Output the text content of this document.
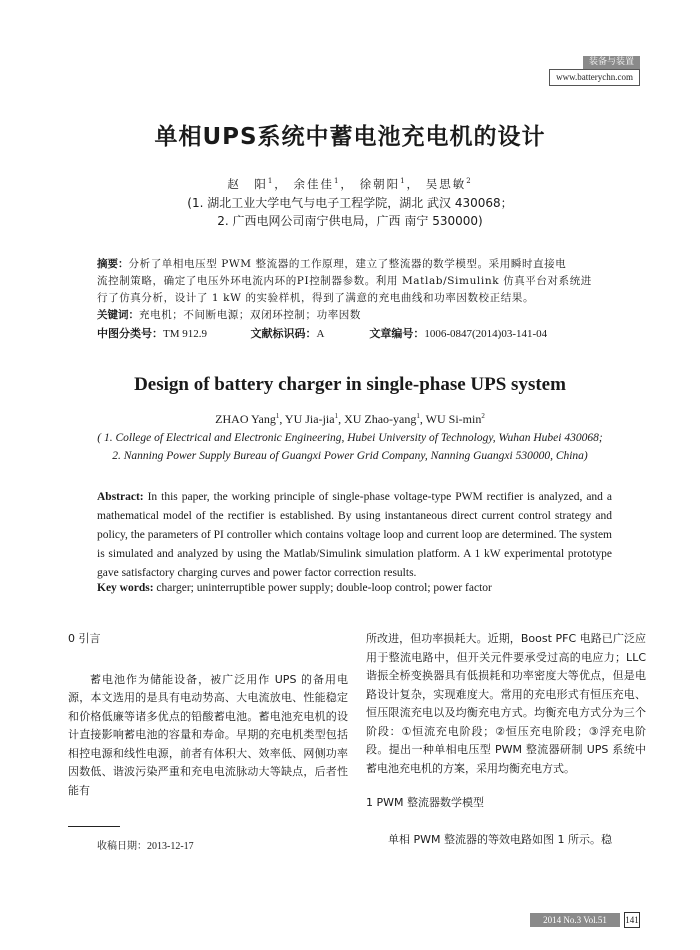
装备与装置
www.batterychn.com
单相UPS系统中蓄电池充电机的设计
赵　阳$^1$， 余佳佳$^1$， 徐朝阳$^1$， 吴思敏$^2$
(1. 湖北工业大学电气与电子工程学院，湖北 武汉 430068；
2. 广西电网公司南宁供电局，广西 南宁 530000)
摘要：分析了单相电压型 PWM 整流器的工作原理，建立了整流器的数学模型。采用瞬时直接电
流控制策略，确定了电压外环电流内环的PI控制器参数。利用 Matlab/Simulink 仿真平台对系统进
行了仿真分析，设计了 1 kW 的实验样机，得到了满意的充电曲线和功率因数校正结果。
关键词：充电机；不间断电源；双闭环控制；功率因数
中图分类号：TM 912.9	文献标识码：A	文章编号：1006-0847(2014)03-141-04
Design of battery charger in single-phase UPS system
ZHAO Yang$^1$, YU Jia-jia$^1$, XU Zhao-yang$^1$, WU $Si-\min^2$
( 1. College of Electrical and Electronic Engineering, Hubei University of Technology, Wuhan Hubei 430068;
2. Nanning Power Supply Bureau of Guangxi Power Grid Company, Nanning Guangxi 530000, China)
Abstract: In this paper, the working principle of single-phase voltage-type PWM rectifier is analyzed, and a mathematical model of the rectifier is established. By using instantaneous direct current control strategy and policy, the parameters of PI controller which contains voltage loop and current loop are determined. The system is simulated and analyzed by using the Matlab/Simulink simulation platform. A 1 kW experimental prototype gave satisfactory charging curves and power factor correction results.
Key words: charger; uninterruptible power supply; double-loop control; power factor
0 引言

蓄电池作为储能设备，被广泛用作 UPS 的备用电源，本文选用的是具有电动势高、大电流放电、性能稳定和价格低廉等诸多优点的铅酸蓄电池。蓄电池充电机的设计直接影响蓄电池的容量和寿命。早期的充电机类型包括相控电源和线性电源，前者有体积大、效率低、网侧功率因数低、谐波污染严重和充电电流脉动大等缺点，后者性能有

所改进，但功率损耗大。近期，Boost PFC 电路已广泛应用于整流电路中，但开关元件要承受过高的电应力；LLC 谐振全桥变换器具有低损耗和功率密度大等优点，但是电路设计复杂，实现难度大。常用的充电形式有恒压充电、恒压限流充电以及均衡充电方式。均衡充电方式分为三个阶段：①恒流充电阶段；②恒压充电阶段；③浮充电阶段。提出一种单相电压型 PWM 整流器研制 UPS 系统中蓄电池充电机的方案，采用均衡充电方式。

1 PWM 整流器数学模型

单相 PWM 整流器的等效电路如图 1 所示。稳

收稿日期：2013-12-17
2014 No.3 Vol.51	141
